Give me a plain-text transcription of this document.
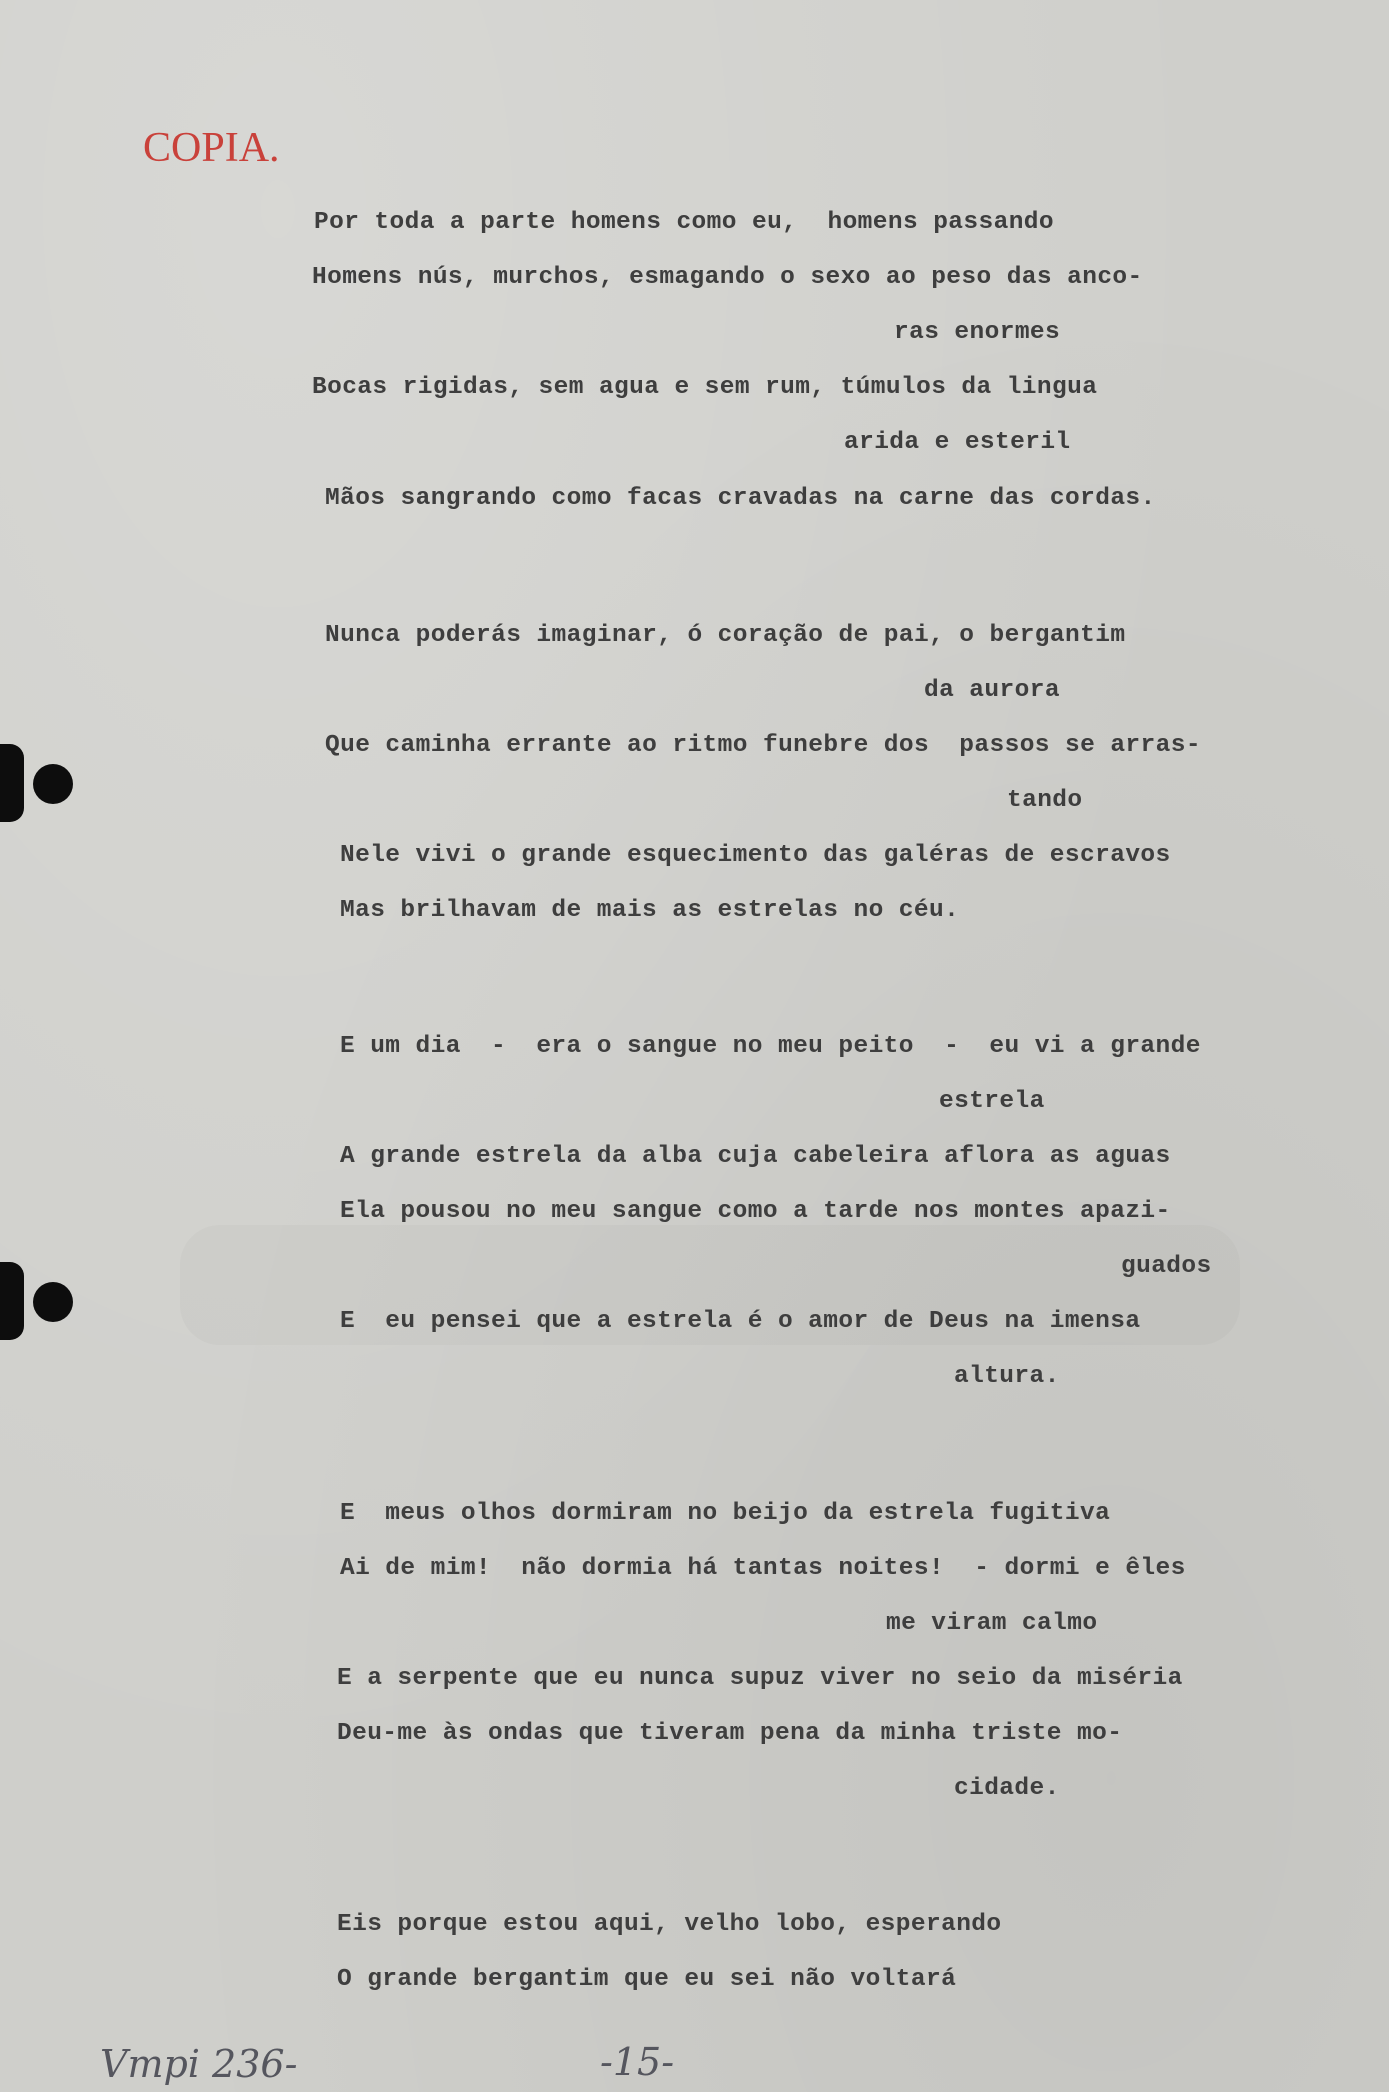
COPIA.
Por toda a parte homens como eu,  homens passando
Homens nús, murchos, esmagando o sexo ao peso das anco-
ras enormes
Bocas rigidas, sem agua e sem rum, túmulos da lingua
arida e esteril
Mãos sangrando como facas cravadas na carne das cordas.
Nunca poderás imaginar, ó coração de pai, o bergantim
da aurora
Que caminha errante ao ritmo funebre dos  passos se arras-
tando
Nele vivi o grande esquecimento das galéras de escravos
Mas brilhavam de mais as estrelas no céu.
E um dia  -  era o sangue no meu peito  -  eu vi a grande
estrela
A grande estrela da alba cuja cabeleira aflora as aguas
Ela pousou no meu sangue como a tarde nos montes apazi-
guados
E  eu pensei que a estrela é o amor de Deus na imensa
altura.
E  meus olhos dormiram no beijo da estrela fugitiva
Ai de mim!  não dormia há tantas noites!  - dormi e êles
me viram calmo
E a serpente que eu nunca supuz viver no seio da miséria
Deu-me às ondas que tiveram pena da minha triste mo-
cidade.
Eis porque estou aqui, velho lobo, esperando
O grande bergantim que eu sei não voltará
Vmpi 236-	-15-
